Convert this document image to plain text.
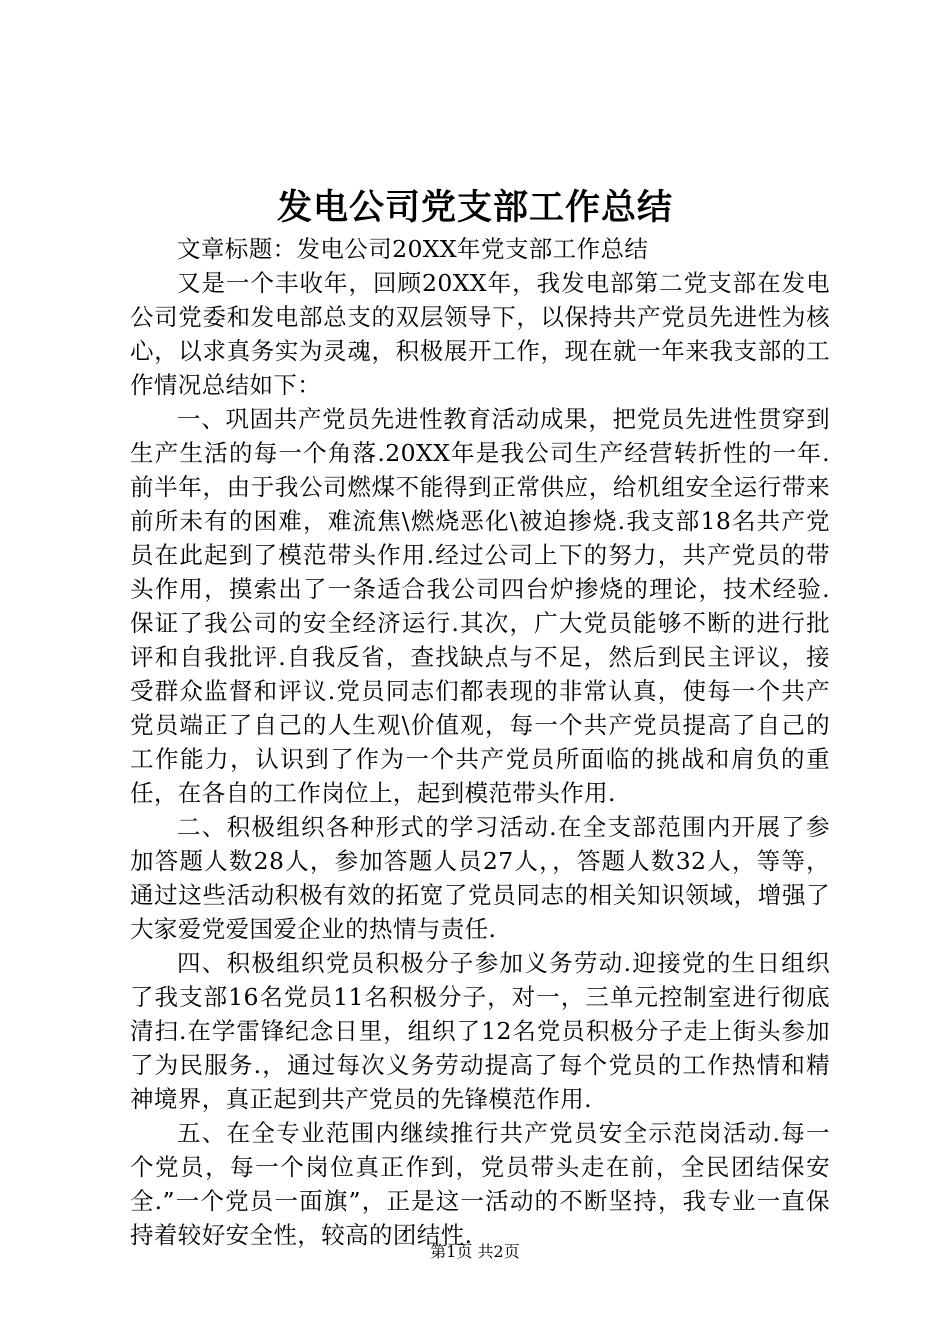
发电公司党支部工作总结

文章标题：发电公司20XX年党支部工作总结

又是一个丰收年，回顾20XX年，我发电部第二党支部在发电公司党委和发电部总支的双层领导下，以保持共产党员先进性为核心，以求真务实为灵魂，积极展开工作，现在就一年来我支部的工作情况总结如下：

一、巩固共产党员先进性教育活动成果，把党员先进性贯穿到生产生活的每一个角落.20XX年是我公司生产经营转折性的一年.前半年，由于我公司燃煤不能得到正常供应，给机组安全运行带来前所未有的困难，难流焦\燃烧恶化\被迫掺烧.我支部18名共产党员在此起到了模范带头作用.经过公司上下的努力，共产党员的带头作用，摸索出了一条适合我公司四台炉掺烧的理论，技术经验.保证了我公司的安全经济运行.其次，广大党员能够不断的进行批评和自我批评.自我反省，查找缺点与不足，然后到民主评议，接受群众监督和评议.党员同志们都表现的非常认真，使每一个共产党员端正了自己的人生观\价值观，每一个共产党员提高了自己的工作能力，认识到了作为一个共产党员所面临的挑战和肩负的重任，在各自的工作岗位上，起到模范带头作用.

二、积极组织各种形式的学习活动.在全支部范围内开展了参加答题人数28人，参加答题人员27人，，答题人数32人，等等，通过这些活动积极有效的拓宽了党员同志的相关知识领域，增强了大家爱党爱国爱企业的热情与责任.

四、积极组织党员积极分子参加义务劳动.迎接党的生日组织了我支部16名党员11名积极分子，对一，三单元控制室进行彻底清扫.在学雷锋纪念日里，组织了12名党员积极分子走上街头参加了为民服务.，通过每次义务劳动提高了每个党员的工作热情和精神境界，真正起到共产党员的先锋模范作用.

五、在全专业范围内继续推行共产党员安全示范岗活动.每一个党员，每一个岗位真正作到，党员带头走在前，全民团结保安全.”一个党员一面旗”，正是这一活动的不断坚持，我专业一直保持着较好安全性，较高的团结性.

第1页 共2页
